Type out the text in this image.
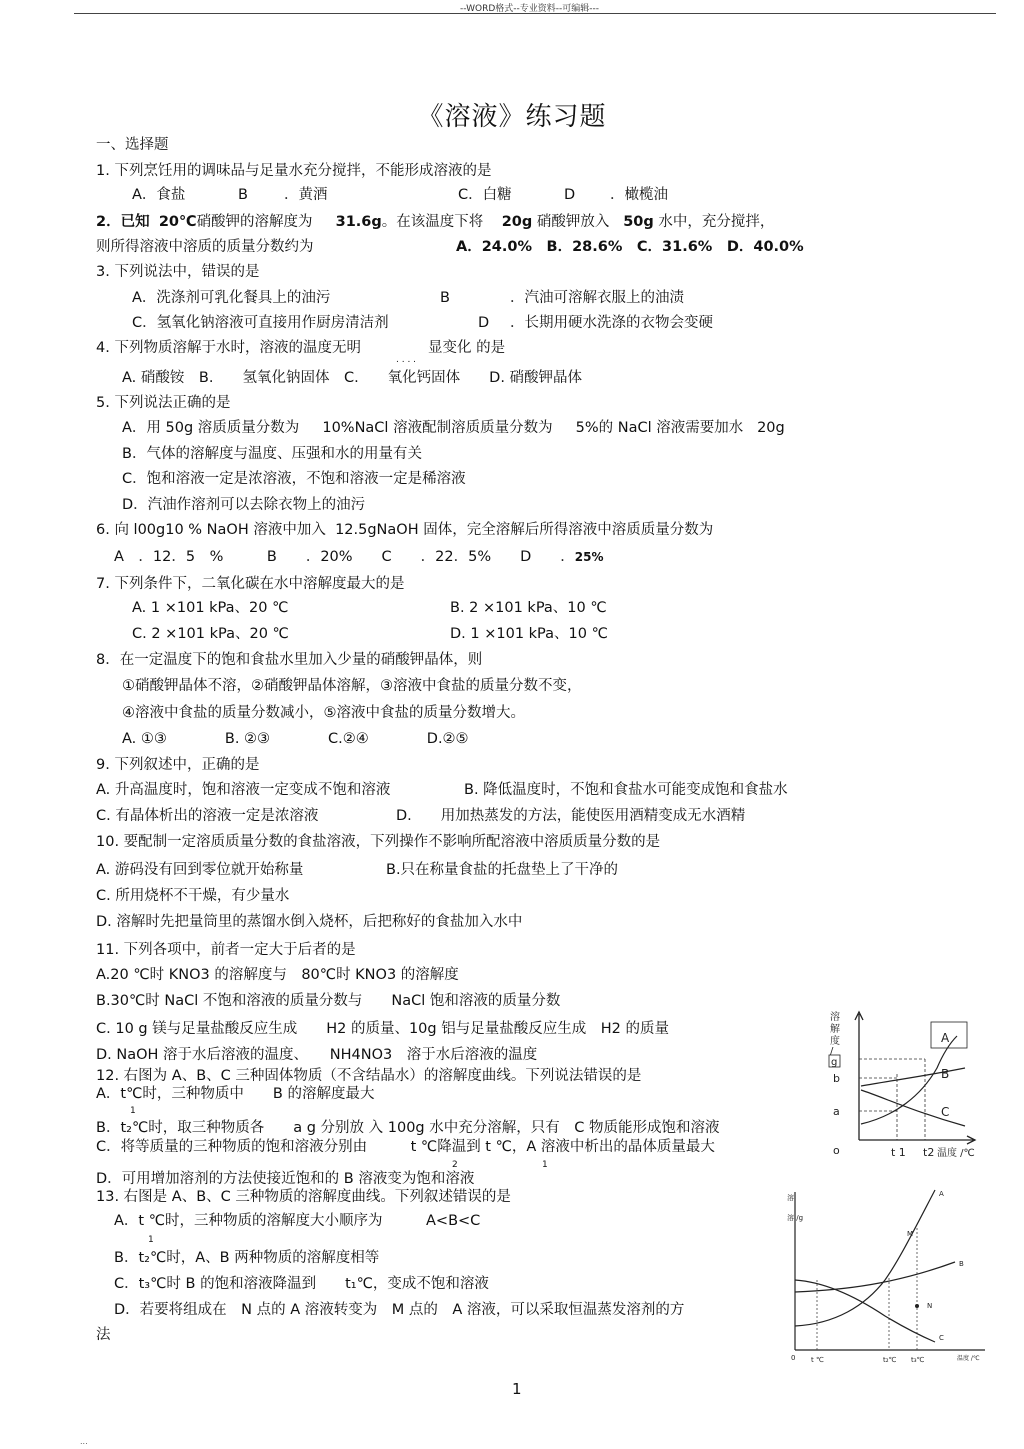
--WORD格式--专业资料--可编辑---
《溶液》练习题
一、选择题
1. 下列烹饪用的调味品与足量水充分搅拌，不能形成溶液的是
A．食盐	B ．黄酒	C．白糖	D ．橄榄油
2．已知 20℃硝酸钾的溶解度为 31.6g。在该温度下将 20g 硝酸钾放入 50g 水中，充分搅拌，
则所得溶液中溶质的质量分数约为	A．24.0%　B．28.6%　C．31.6%　D．40.0%
3. 下列说法中，错误的是
A．洗涤剂可乳化餐具上的油污	B	．汽油可溶解衣服上的油渍
C．氢氧化钠溶液可直接用作厨房清洁剂	D ．长期用硬水洗涤的衣物会变硬
4. 下列物质溶解于水时，溶液的温度无明
. . . .
显变化 的是
A. 硝酸铵　B.　　氢氧化钠固体　C.　　氧化钙固体　　D. 硝酸钾晶体
5. 下列说法正确的是
A．用 50g 溶质质量分数为 10%NaCl 溶液配制溶质质量分数为 5%的 NaCl 溶液需要加水 20g
B．气体的溶解度与温度、压强和水的用量有关
C．饱和溶液一定是浓溶液，不饱和溶液一定是稀溶液
D．汽油作溶剂可以去除衣物上的油污
6. 向 l00g10 % NaOH 溶液中加入 12.5gNaOH 固体，完全溶解后所得溶液中溶质质量分数为
A　．12．5　%　　　B　　．20%　　C　　．22．5%　　D　　．25%
7. 下列条件下，二氧化碳在水中溶解度最大的是
A. 1 ×101 kPa、20 ℃	B. 2 ×101 kPa、10 ℃
C. 2 ×101 kPa、20 ℃	D. 1 ×101 kPa、10 ℃
8．在一定温度下的饱和食盐水里加入少量的硝酸钾晶体，则
①硝酸钾晶体不溶，②硝酸钾晶体溶解，③溶液中食盐的质量分数不变，
④溶液中食盐的质量分数减小，⑤溶液中食盐的质量分数增大。
A. ①③　　　　B. ②③　　　　C.②④　　　　D.②⑤
9. 下列叙述中，正确的是
A. 升高温度时，饱和溶液一定变成不饱和溶液	B. 降低温度时，不饱和食盐水可能变成饱和食盐水
C. 有晶体析出的溶液一定是浓溶液	D.　　用加热蒸发的方法，能使医用酒精变成无水酒精
10. 要配制一定溶质质量分数的食盐溶液，下列操作不影响所配溶液中溶质质量分数的是
A. 游码没有回到零位就开始称量	B.只在称量食盐的托盘垫上了干净的
C. 所用烧杯不干燥，有少量水
D. 溶解时先把量筒里的蒸馏水倒入烧杯，后把称好的食盐加入水中
11. 下列各项中，前者一定大于后者的是
A.20 ℃时 KNO3 的溶解度与　80℃时 KNO3 的溶解度
B.30℃时 NaCl 不饱和溶液的质量分数与　　NaCl 饱和溶液的质量分数
C. 10 g 镁与足量盐酸反应生成　　H2 的质量、10g 铝与足量盐酸反应生成　H2 的质量
D. NaOH 溶于水后溶液的温度、　　NH4NO3　溶于水后溶液的温度
12. 右图为 A、B、C 三种固体物质（不含结晶水）的溶解度曲线。下列说法错误的是
A．t℃时，三种物质中　　B 的溶解度最大
1
B．t₂℃时，取三种物质各　　a g 分别放 入 100g 水中充分溶解，只有　C 物质能形成饱和溶液
C．将等质量的三种物质的饱和溶液分别由　　　t ℃降温到 t ℃，A 溶液中析出的晶体质量最大
2	1
D．可用增加溶剂的方法使接近饱和的 B 溶液变为饱和溶液
13. 右图是 A、B、C 三种物质的溶解度曲线。下列叙述错误的是
A．t ℃时，三种物质的溶解度大小顺序为　　　A<B<C
1
B．t₂℃时，A、B 两种物质的溶解度相等
C．t₃℃时 B 的饱和溶液降温到　　t₁℃，变成不饱和溶液
D．若要将组成在　N 点的 A 溶液转变为　M 点的　A 溶液，可以采取恒温蒸发溶剂的方
法
溶
解
度
/
g
b
a
o
A
B
C
t 1 t2 温度 /℃
溶
溶 /g
A
B
C
M
N
0 t ℃	t₂℃ t₃℃	温度 /℃
1
...
